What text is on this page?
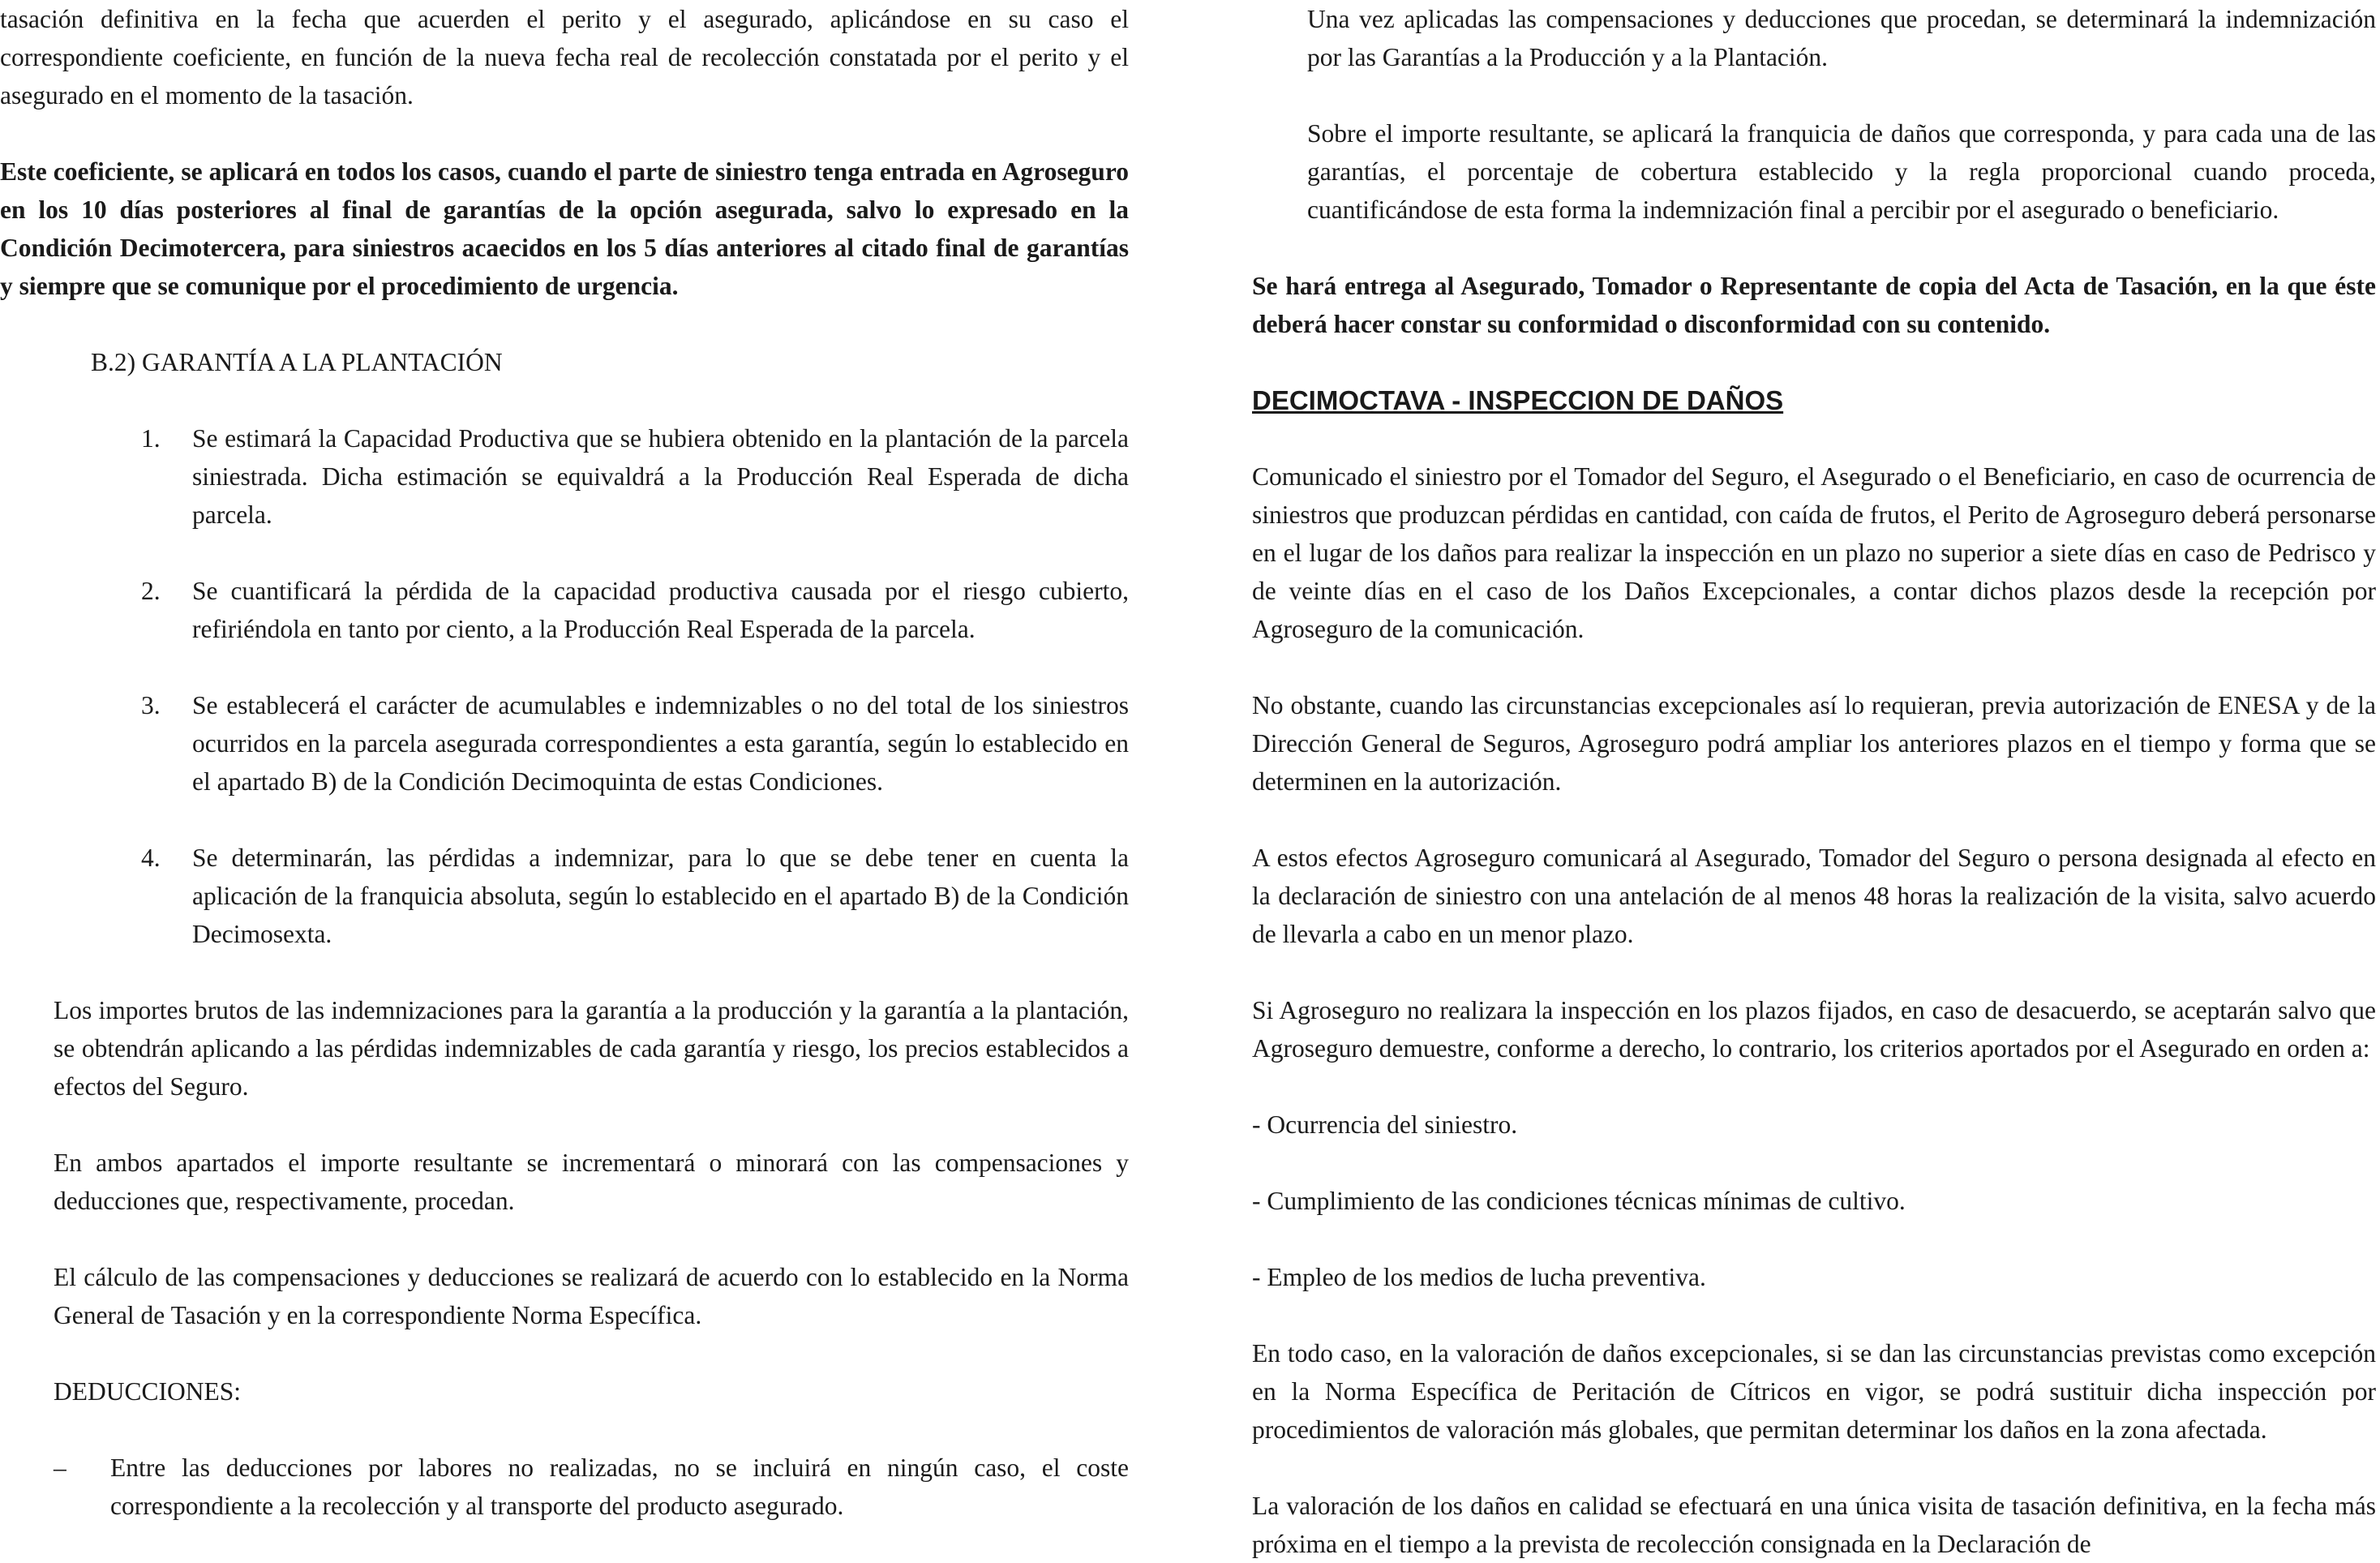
tasación definitiva en la fecha que acuerden el perito y el asegurado, aplicándose en su caso el correspondiente coeficiente, en función de la nueva fecha real de recolección constatada por el perito y el asegurado en el momento de la tasación.

Este coeficiente, se aplicará en todos los casos, cuando el parte de siniestro tenga entrada en Agroseguro en los 10 días posteriores al final de garantías de la opción asegurada, salvo lo expresado en la Condición Decimotercera, para siniestros acaecidos en los 5 días anteriores al citado final de garantías y siempre que se comunique por el procedimiento de urgencia.

B.2) GARANTÍA A LA PLANTACIÓN

1. Se estimará la Capacidad Productiva que se hubiera obtenido en la plantación de la parcela siniestrada. Dicha estimación se equivaldrá a la Producción Real Esperada de dicha parcela.

2. Se cuantificará la pérdida de la capacidad productiva causada por el riesgo cubierto, refiriéndola en tanto por ciento, a la Producción Real Esperada de la parcela.

3. Se establecerá el carácter de acumulables e indemnizables o no del total de los siniestros ocurridos en la parcela asegurada correspondientes a esta garantía, según lo establecido en el apartado B) de la Condición Decimoquinta de estas Condiciones.

4. Se determinarán, las pérdidas a indemnizar, para lo que se debe tener en cuenta la aplicación de la franquicia absoluta, según lo establecido en el apartado B) de la Condición Decimosexta.

Los importes brutos de las indemnizaciones para la garantía a la producción y la garantía a la plantación, se obtendrán aplicando a las pérdidas indemnizables de cada garantía y riesgo, los precios establecidos a efectos del Seguro.

En ambos apartados el importe resultante se incrementará o minorará con las compensaciones y deducciones que, respectivamente, procedan.

El cálculo de las compensaciones y deducciones se realizará de acuerdo con lo establecido en la Norma General de Tasación y en la correspondiente Norma Específica.

DEDUCCIONES:

– Entre las deducciones por labores no realizadas, no se incluirá en ningún caso, el coste correspondiente a la recolección y al transporte del producto asegurado.

Una vez aplicadas las compensaciones y deducciones que procedan, se determinará la indemnización por las Garantías a la Producción y a la Plantación.

Sobre el importe resultante, se aplicará la franquicia de daños que corresponda, y para cada una de las garantías, el porcentaje de cobertura establecido y la regla proporcional cuando proceda, cuantificándose de esta forma la indemnización final a percibir por el asegurado o beneficiario.

Se hará entrega al Asegurado, Tomador o Representante de copia del Acta de Tasación, en la que éste deberá hacer constar su conformidad o disconformidad con su contenido.

DECIMOCTAVA - INSPECCION DE DAÑOS

Comunicado el siniestro por el Tomador del Seguro, el Asegurado o el Beneficiario, en caso de ocurrencia de siniestros que produzcan pérdidas en cantidad, con caída de frutos, el Perito de Agroseguro deberá personarse en el lugar de los daños para realizar la inspección en un plazo no superior a siete días en caso de Pedrisco y de veinte días en el caso de los Daños Excepcionales, a contar dichos plazos desde la recepción por Agroseguro de la comunicación.

No obstante, cuando las circunstancias excepcionales así lo requieran, previa autorización de ENESA y de la Dirección General de Seguros, Agroseguro podrá ampliar los anteriores plazos en el tiempo y forma que se determinen en la autorización.

A estos efectos Agroseguro comunicará al Asegurado, Tomador del Seguro o persona designada al efecto en la declaración de siniestro con una antelación de al menos 48 horas la realización de la visita, salvo acuerdo de llevarla a cabo en un menor plazo.

Si Agroseguro no realizara la inspección en los plazos fijados, en caso de desacuerdo, se aceptarán salvo que Agroseguro demuestre, conforme a derecho, lo contrario, los criterios aportados por el Asegurado en orden a:

- Ocurrencia del siniestro.

- Cumplimiento de las condiciones técnicas mínimas de cultivo.

- Empleo de los medios de lucha preventiva.

En todo caso, en la valoración de daños excepcionales, si se dan las circunstancias previstas como excepción en la Norma Específica de Peritación de Cítricos en vigor, se podrá sustituir dicha inspección por procedimientos de valoración más globales, que permitan determinar los daños en la zona afectada.

La valoración de los daños en calidad se efectuará en una única visita de tasación definitiva, en la fecha más próxima en el tiempo a la prevista de recolección consignada en la Declaración de
